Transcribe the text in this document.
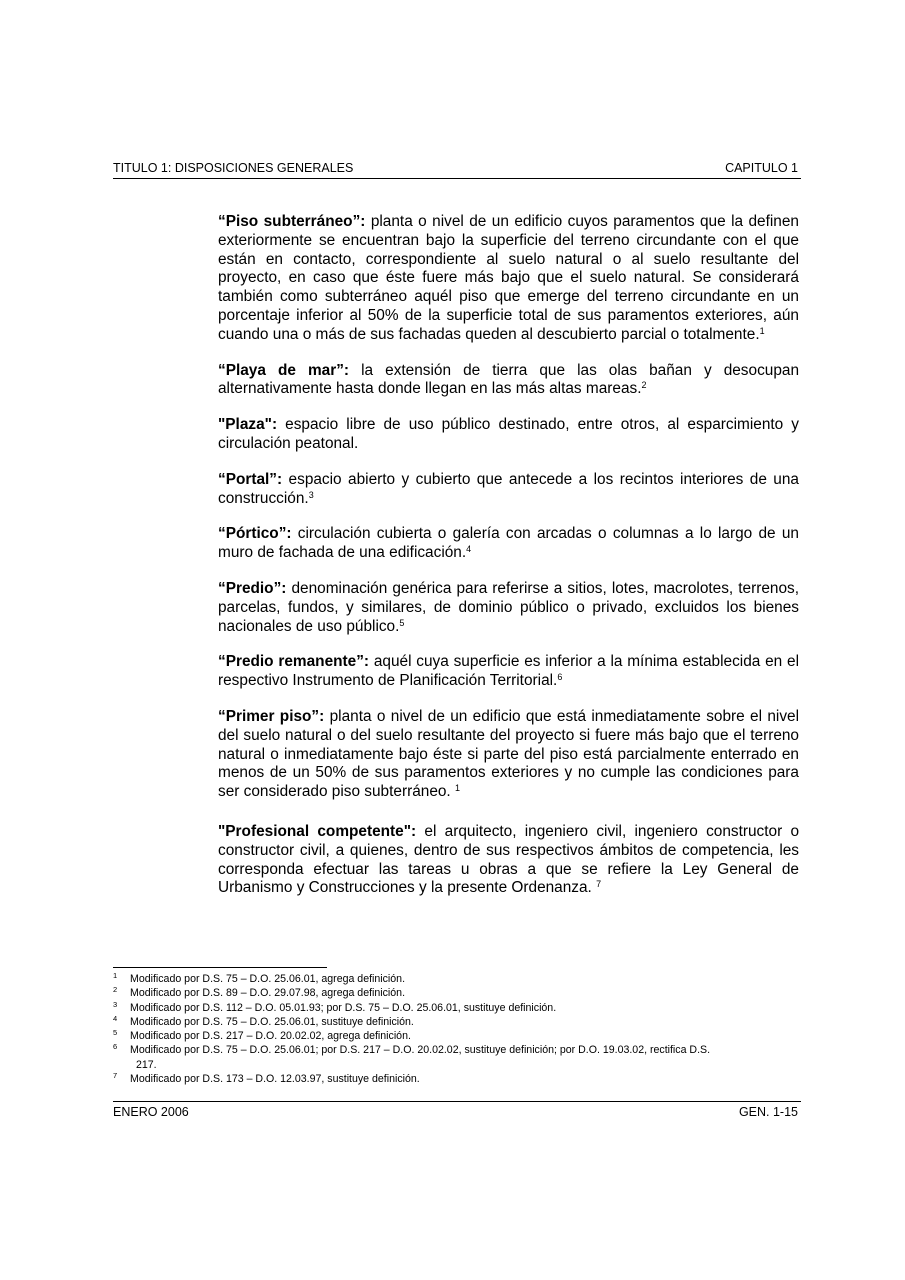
TITULO 1: DISPOSICIONES GENERALES	CAPITULO 1

“Piso subterráneo”: planta o nivel de un edificio cuyos paramentos que la definen exteriormente se encuentran bajo la superficie del terreno circundante con el que están en contacto, correspondiente al suelo natural o al suelo resultante del proyecto, en caso que éste fuere más bajo que el suelo natural. Se considerará también como subterráneo aquél piso que emerge del terreno circundante en un porcentaje inferior al 50% de la superficie total de sus paramentos exteriores, aún cuando una o más de sus fachadas queden al descubierto parcial o totalmente.$^1$

“Playa de mar”: la extensión de tierra que las olas bañan y desocupan alternativamente hasta donde llegan en las más altas mareas.$^2$

"Plaza": espacio libre de uso público destinado, entre otros, al esparcimiento y circulación peatonal.

“Portal”: espacio abierto y cubierto que antecede a los recintos interiores de una construcción.$^3$

“Pórtico”: circulación cubierta o galería con arcadas o columnas a lo largo de un muro de fachada de una edificación.$^4$

“Predio”: denominación genérica para referirse a sitios, lotes, macrolotes, terrenos, parcelas, fundos, y similares, de dominio público o privado, excluidos los bienes nacionales de uso público.$^5$

“Predio remanente”: aquél cuya superficie es inferior a la mínima establecida en el respectivo Instrumento de Planificación Territorial.$^6$

“Primer piso”: planta o nivel de un edificio que está inmediatamente sobre el nivel del suelo natural o del suelo resultante del proyecto si fuere más bajo que el terreno natural o inmediatamente bajo éste si parte del piso está parcialmente enterrado en menos de un 50% de sus paramentos exteriores y no cumple las condiciones para ser considerado piso subterráneo. $^1$

"Profesional competente": el arquitecto, ingeniero civil, ingeniero constructor o constructor civil, a quienes, dentro de sus respectivos ámbitos de competencia, les corresponda efectuar las tareas u obras a que se refiere la Ley General de Urbanismo y Construcciones y la presente Ordenanza. $^7$

1 Modificado por D.S. 75 – D.O. 25.06.01, agrega definición.
2 Modificado por D.S. 89 – D.O. 29.07.98, agrega definición.
3 Modificado por D.S. 112 – D.O. 05.01.93; por D.S. 75 – D.O. 25.06.01, sustituye definición.
4 Modificado por D.S. 75 – D.O. 25.06.01, sustituye definición.
5 Modificado por D.S. 217 – D.O. 20.02.02, agrega definición.
6 Modificado por D.S. 75 – D.O. 25.06.01; por D.S. 217 – D.O. 20.02.02, sustituye definición; por D.O. 19.03.02, rectifica D.S.
217.
7 Modificado por D.S. 173 – D.O. 12.03.97, sustituye definición.
ENERO 2006	GEN. 1-15
